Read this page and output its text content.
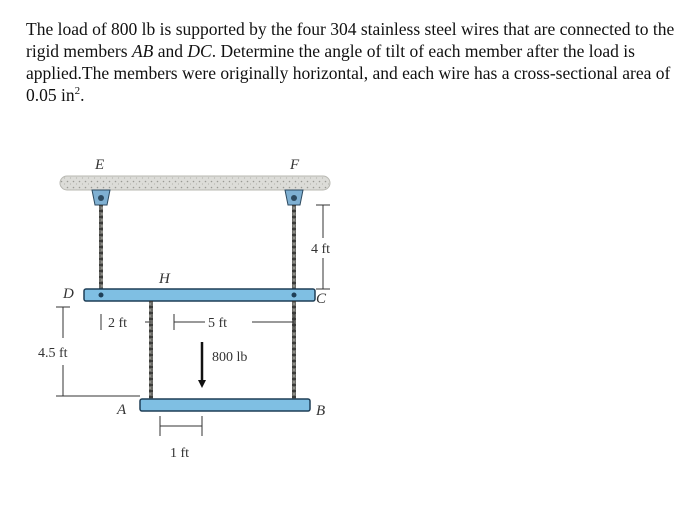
The load of 800 lb is supported by the four 304 stainless steel wires that are connected to the rigid members AB and DC. Determine the angle of tilt of each member after the load is applied.The members were originally horizontal, and each wire has a cross-sectional area of 0.05 $in^2$.
E	F
H
D	C
A	B
4 ft
4.5 ft
2 ft	5 ft
800 lb
1 ft
